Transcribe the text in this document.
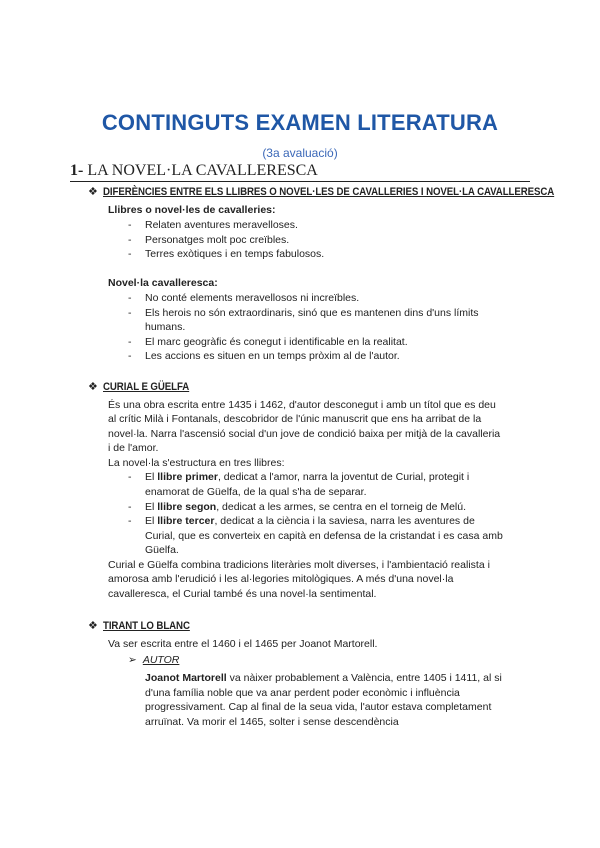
CONTINGUTS EXAMEN LITERATURA
(3a avaluació)
1- LA NOVEL·LA CAVALLERESCA
❖ DIFERÈNCIES ENTRE ELS LLIBRES O NOVEL·LES DE CAVALLERIES I NOVEL·LA CAVALLERESCA
Llibres o novel·les de cavalleries:
- Relaten aventures meravelloses.
- Personatges molt poc creïbles.
- Terres exòtiques i en temps fabulosos.
Novel·la cavalleresca:
- No conté elements meravellosos ni increïbles.
- Els herois no són extraordinaris, sinó que es mantenen dins d'uns límits
humans.
- El marc geogràfic és conegut i identificable en la realitat.
- Les accions es situen en un temps pròxim al de l'autor.
❖ CURIAL E GÜELFA
És una obra escrita entre 1435 i 1462, d'autor desconegut i amb un títol que es deu
al crític Milà i Fontanals, descobridor de l'únic manuscrit que ens ha arribat de la
novel·la. Narra l'ascensió social d'un jove de condició baixa per mitjà de la cavalleria
i de l'amor.
La novel·la s'estructura en tres llibres:
- El llibre primer, dedicat a l'amor, narra la joventut de Curial, protegit i
enamorat de Güelfa, de la qual s'ha de separar.
- El llibre segon, dedicat a les armes, se centra en el torneig de Melú.
- El llibre tercer, dedicat a la ciència i la saviesa, narra les aventures de
Curial, que es converteix en capità en defensa de la cristandat i es casa amb
Güelfa.
Curial e Güelfa combina tradicions literàries molt diverses, i l'ambientació realista i
amorosa amb l'erudició i les al·legories mitològiques. A més d'una novel·la
cavalleresca, el Curial també és una novel·la sentimental.
❖ TIRANT LO BLANC
Va ser escrita entre el 1460 i el 1465 per Joanot Martorell.
➢ AUTOR
Joanot Martorell va nàixer probablement a València, entre 1405 i 1411, al si
d'una família noble que va anar perdent poder econòmic i influència
progressivament. Cap al final de la seua vida, l'autor estava completament
arruïnat. Va morir el 1465, solter i sense descendència
